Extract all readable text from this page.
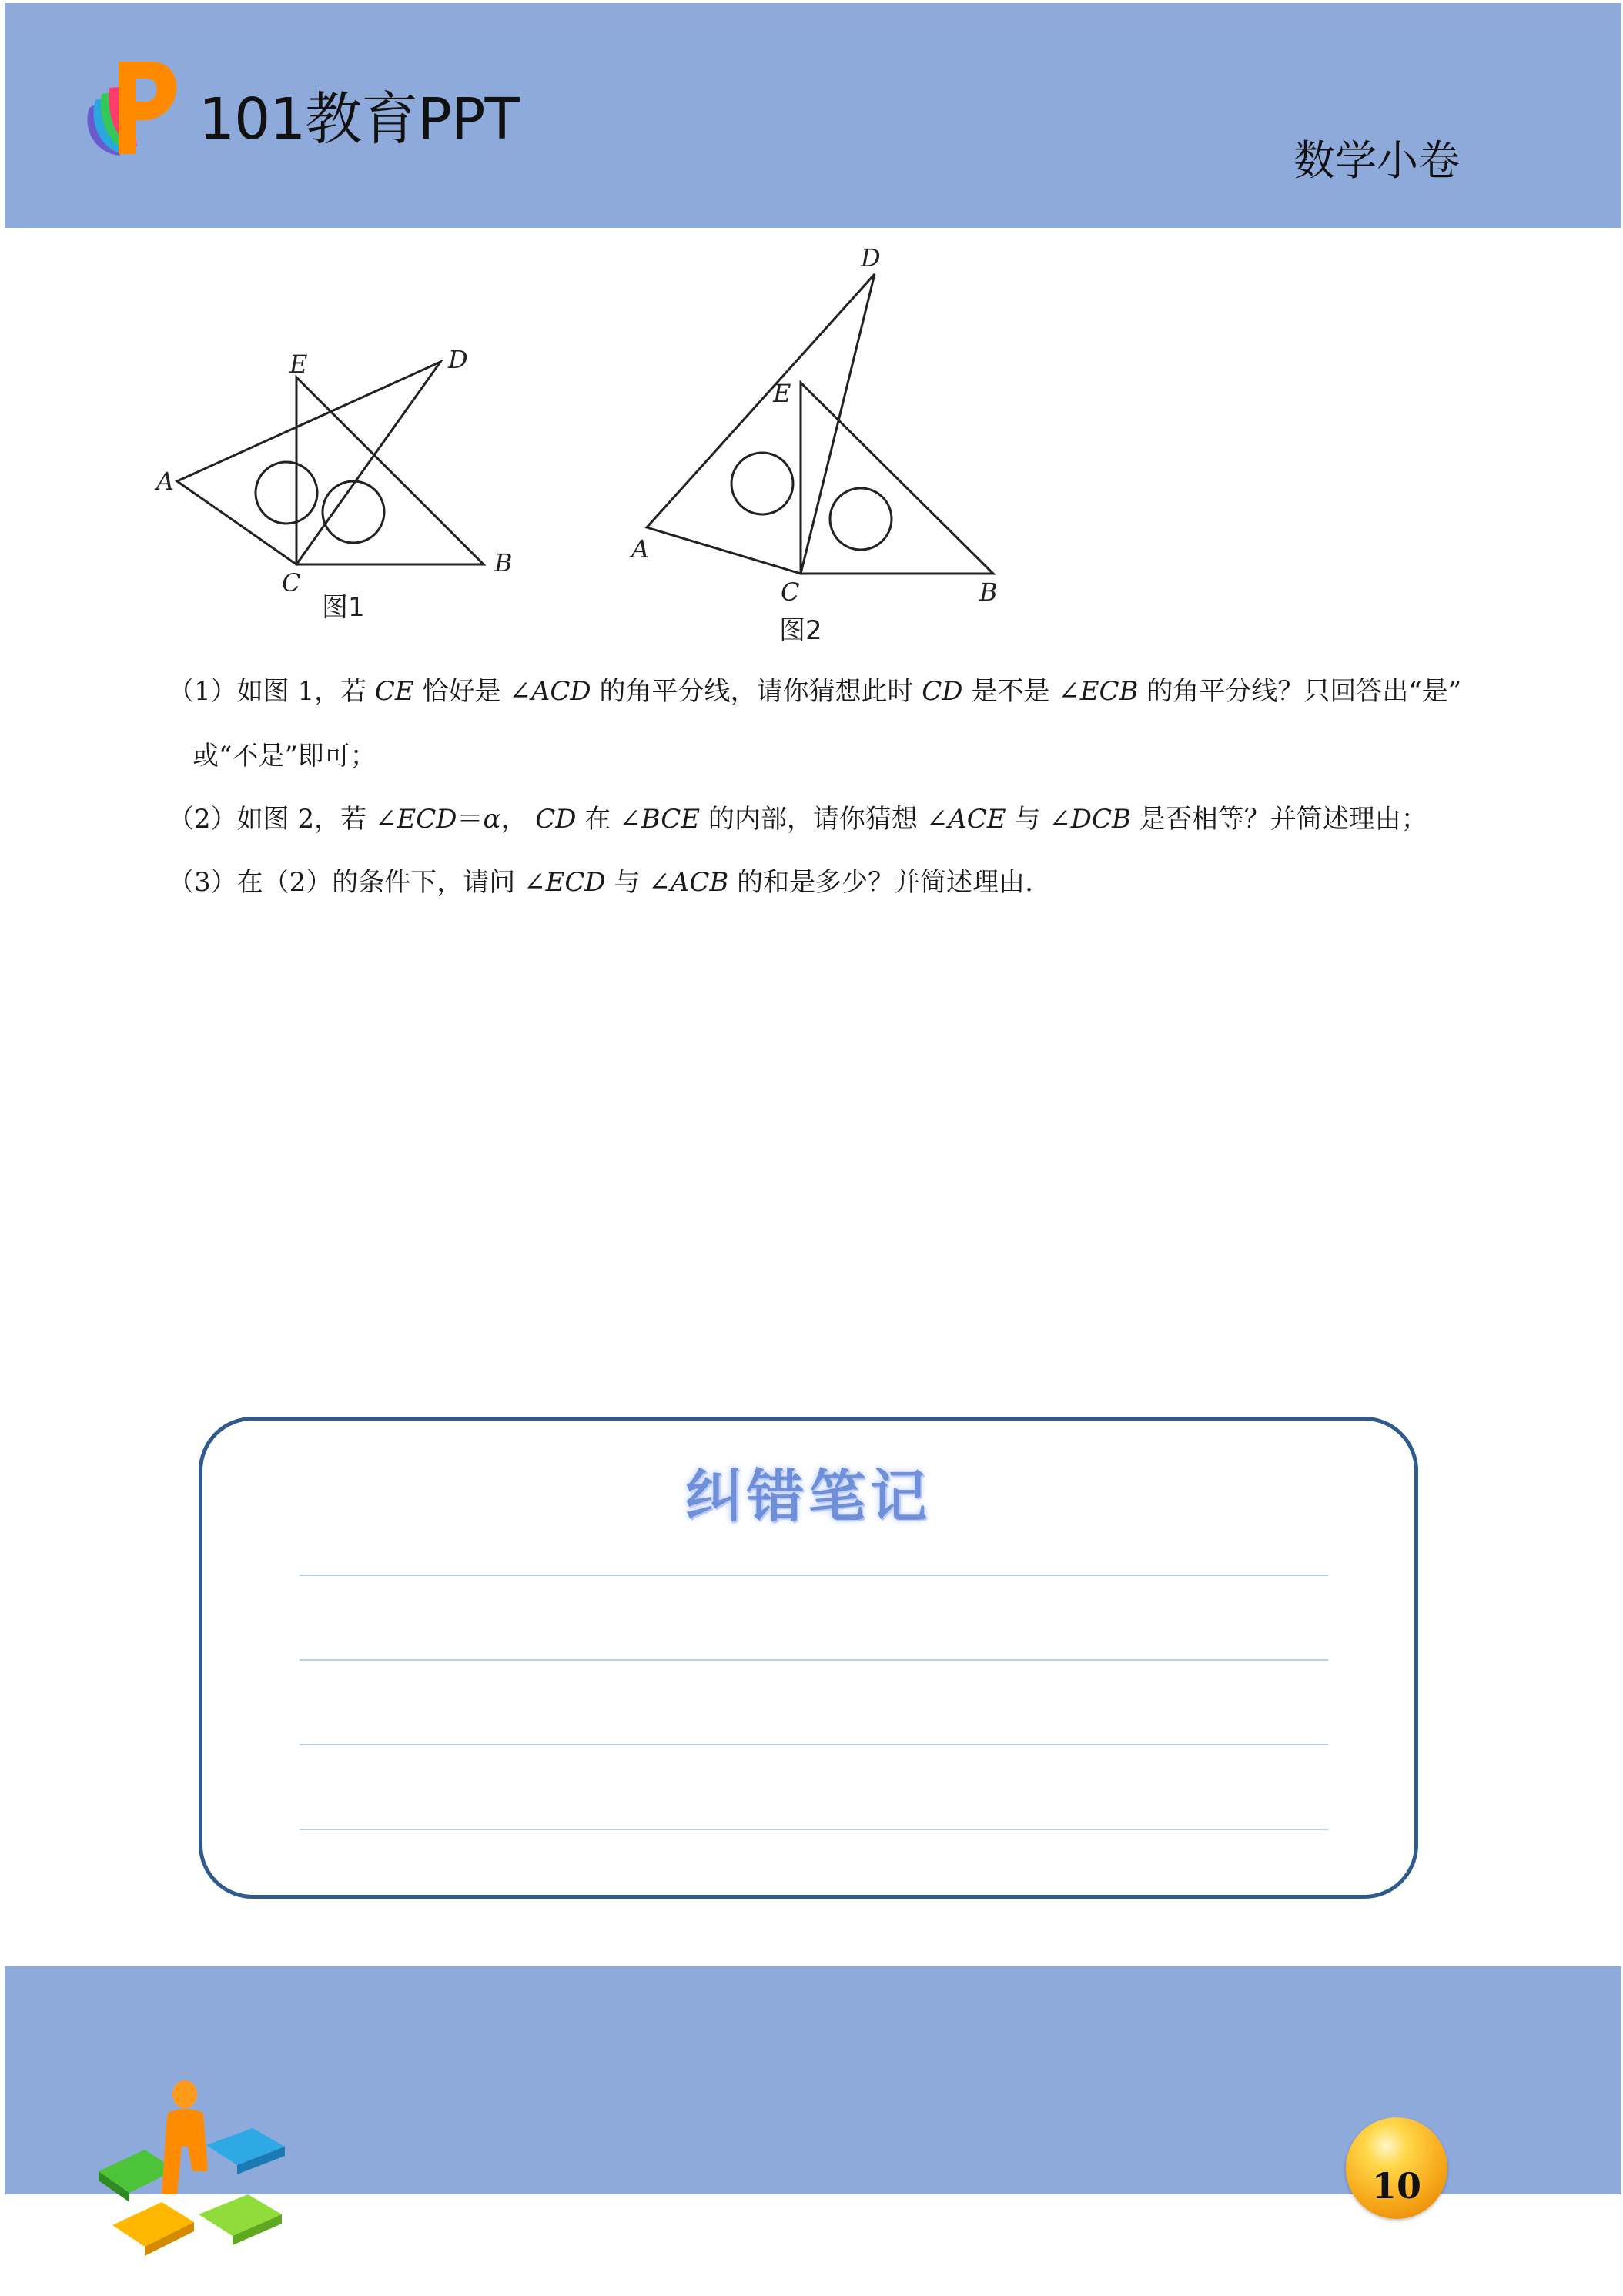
101教育PPT
数学小卷
E	D
A
C
B
图1
D
E
A
C	B
图2
（1）如图 1，若 CE 恰好是 ∠ACD 的角平分线，请你猜想此时 CD 是不是 ∠ECB 的角平分线？只回答出“是”
或“不是”即可；
（2）如图 2，若 ∠ECD＝α， CD 在 ∠BCE 的内部，请你猜想 ∠ACE 与 ∠DCB 是否相等？并简述理由；
（3）在（2）的条件下，请问 ∠ECD 与 ∠ACB 的和是多少？并简述理由.
纠错笔记
10
